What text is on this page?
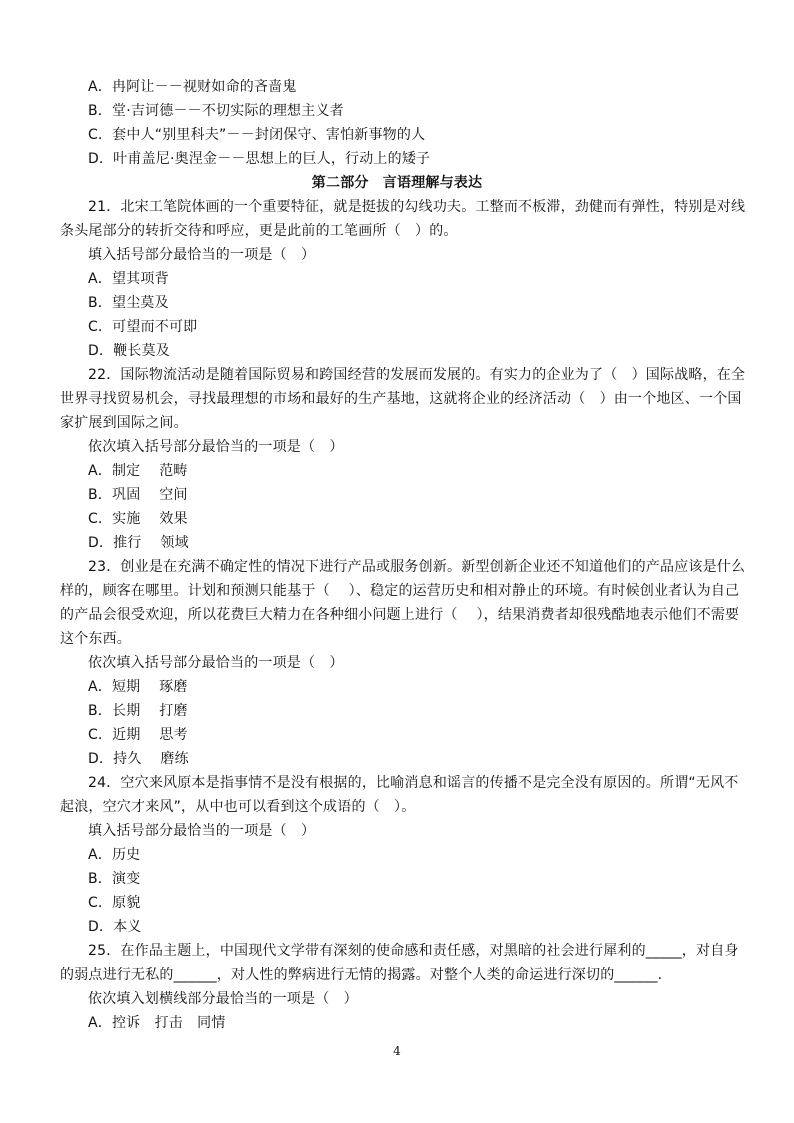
A．冉阿让－－视财如命的吝啬鬼
B．堂·吉诃德－－不切实际的理想主义者
C．套中人“别里科夫”－－封闭保守、害怕新事物的人
D．叶甫盖尼·奥涅金－－思想上的巨人，行动上的矮子
第二部分　言语理解与表达
21．北宋工笔院体画的一个重要特征，就是挺拔的勾线功夫。工整而不板滞，劲健而有弹性，特别是对线
条头尾部分的转折交待和呼应，更是此前的工笔画所（　）的。
填入括号部分最恰当的一项是（　）
A．望其项背
B．望尘莫及
C．可望而不可即
D．鞭长莫及
22．国际物流活动是随着国际贸易和跨国经营的发展而发展的。有实力的企业为了（　）国际战略，在全
世界寻找贸易机会，寻找最理想的市场和最好的生产基地，这就将企业的经济活动（　）由一个地区、一个国
家扩展到国际之间。
依次填入括号部分最恰当的一项是（　）
A．制定　 范畴
B．巩固　 空间
C．实施　 效果
D．推行　 领域
23．创业是在充满不确定性的情况下进行产品或服务创新。新型创新企业还不知道他们的产品应该是什么
样的，顾客在哪里。计划和预测只能基于（　 ）、稳定的运营历史和相对静止的环境。有时候创业者认为自己
的产品会很受欢迎，所以花费巨大精力在各种细小问题上进行（　 ），结果消费者却很残酷地表示他们不需要
这个东西。
依次填入括号部分最恰当的一项是（　）
A．短期　 琢磨
B．长期　 打磨
C．近期　 思考
D．持久　 磨练
24．空穴来风原本是指事情不是没有根据的，比喻消息和谣言的传播不是完全没有原因的。所谓“无风不
起浪，空穴才来风”，从中也可以看到这个成语的（　）。
填入括号部分最恰当的一项是（　）
A．历史
B．演变
C．原貌
D．本义
25．在作品主题上，中国现代文学带有深刻的使命感和责任感，对黑暗的社会进行犀利的_____，对自身
的弱点进行无私的______，对人性的弊病进行无情的揭露。对整个人类的命运进行深切的______.
依次填入划横线部分最恰当的一项是（　）
A．控诉　打击　同情
4
